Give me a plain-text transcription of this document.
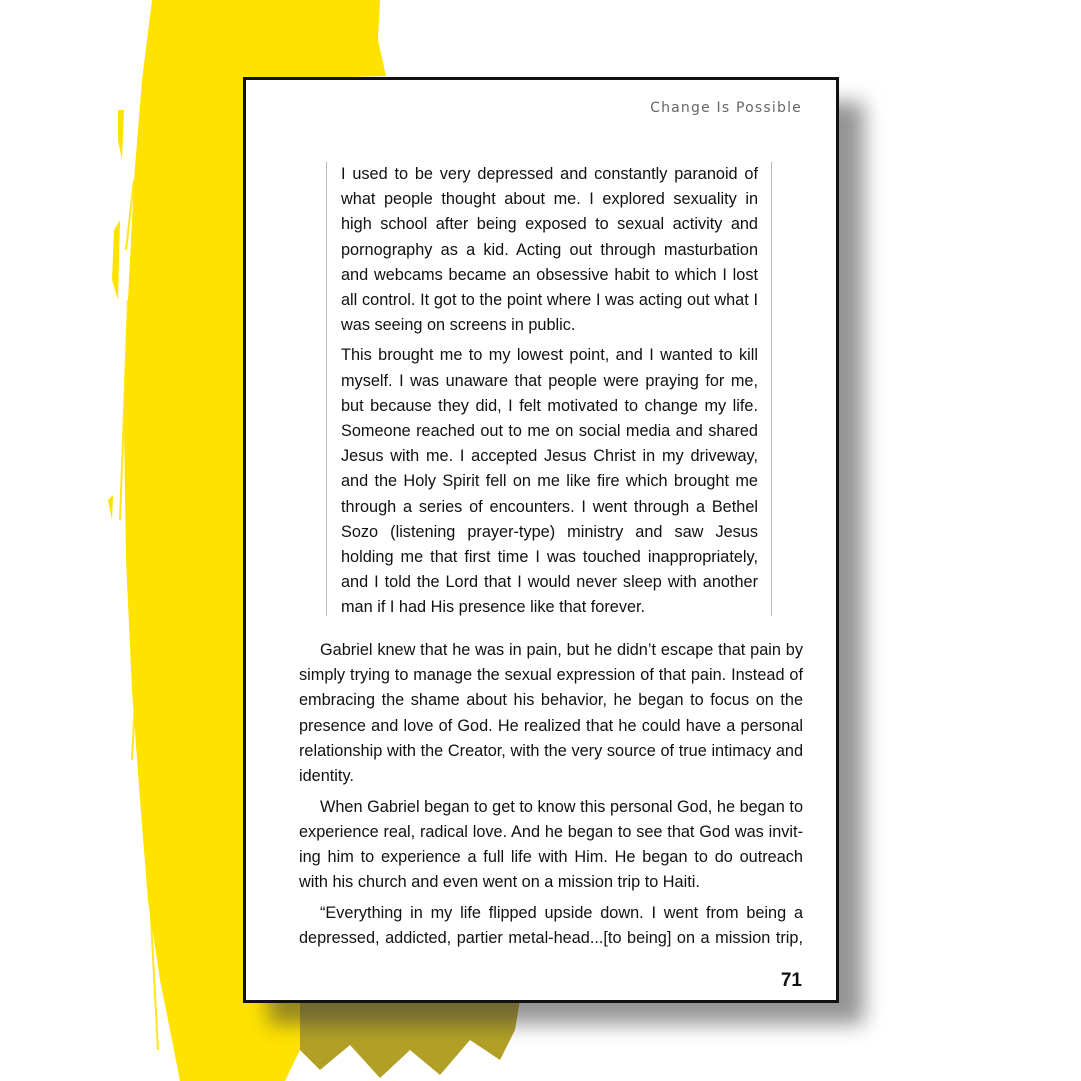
Change Is Possible

I used to be very depressed and constantly paranoid of what people thought about me. I explored sexuality in high school after being exposed to sexual activity and pornography as a kid. Acting out through masturbation and webcams became an obsessive habit to which I lost all control. It got to the point where I was acting out what I was seeing on screens in public.

This brought me to my lowest point, and I wanted to kill myself. I was unaware that people were praying for me, but because they did, I felt motivated to change my life. Someone reached out to me on social media and shared Jesus with me. I accepted Jesus Christ in my driveway, and the Holy Spirit fell on me like fire which brought me through a series of encounters. I went through a Bethel Sozo (listening prayer-type) ministry and saw Jesus holding me that first time I was touched inappropriately, and I told the Lord that I would never sleep with another man if I had His presence like that forever.

Gabriel knew that he was in pain, but he didn’t escape that pain by simply trying to manage the sexual expression of that pain. Instead of embracing the shame about his behavior, he began to focus on the presence and love of God. He realized that he could have a personal relationship with the Creator, with the very source of true intimacy and identity.

When Gabriel began to get to know this personal God, he began to experience real, radical love. And he began to see that God was inviting him to experience a full life with Him. He began to do outreach with his church and even went on a mission trip to Haiti.

“Everything in my life flipped upside down. I went from being a depressed, addicted, partier metal-head...[to being] on a mission trip,

71
